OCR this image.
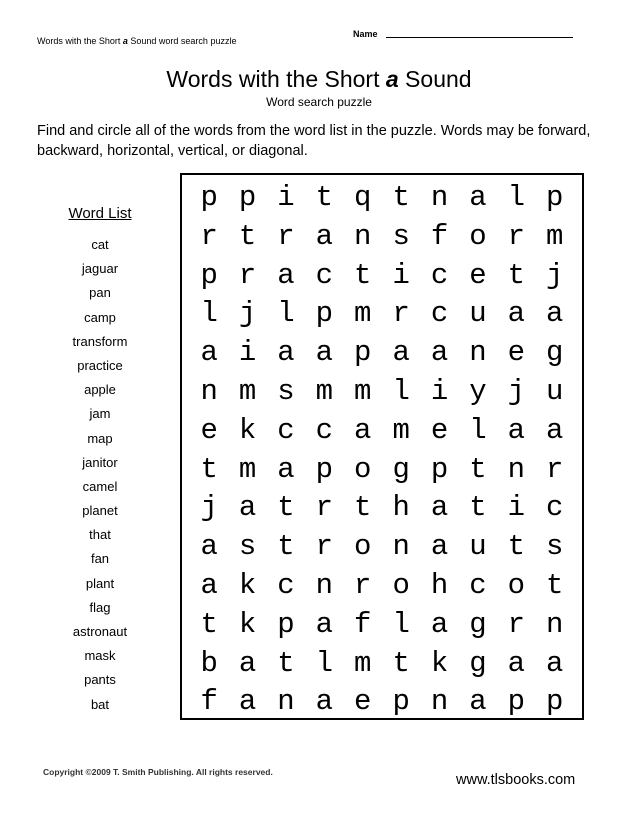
Words with the Short a Sound word search puzzle
Name
Words with the Short a Sound
Word search puzzle
Find and circle all of the words from the word list in the puzzle. Words may be forward, backward, horizontal, vertical, or diagonal.
Word List
cat
jaguar
pan
camp
transform
practice
apple
jam
map
janitor
camel
planet
that
fan
plant
flag
astronaut
mask
pants
bat
p p i t q t n a l p
r t r a n s f o r m
p r a c t i c e t j
l j l p m r c u a a
a i a a p a a n e g
n m s m m l i y j u
e k c c a m e l a a
t m a p o g p t n r
j a t r t h a t i c
a s t r o n a u t s
a k c n r o h c o t
t k p a f l a g r n
b a t l m t k g a a
f a n a e p n a p p
Copyright ©2009 T. Smith Publishing. All rights reserved.	www.tlsbooks.com
